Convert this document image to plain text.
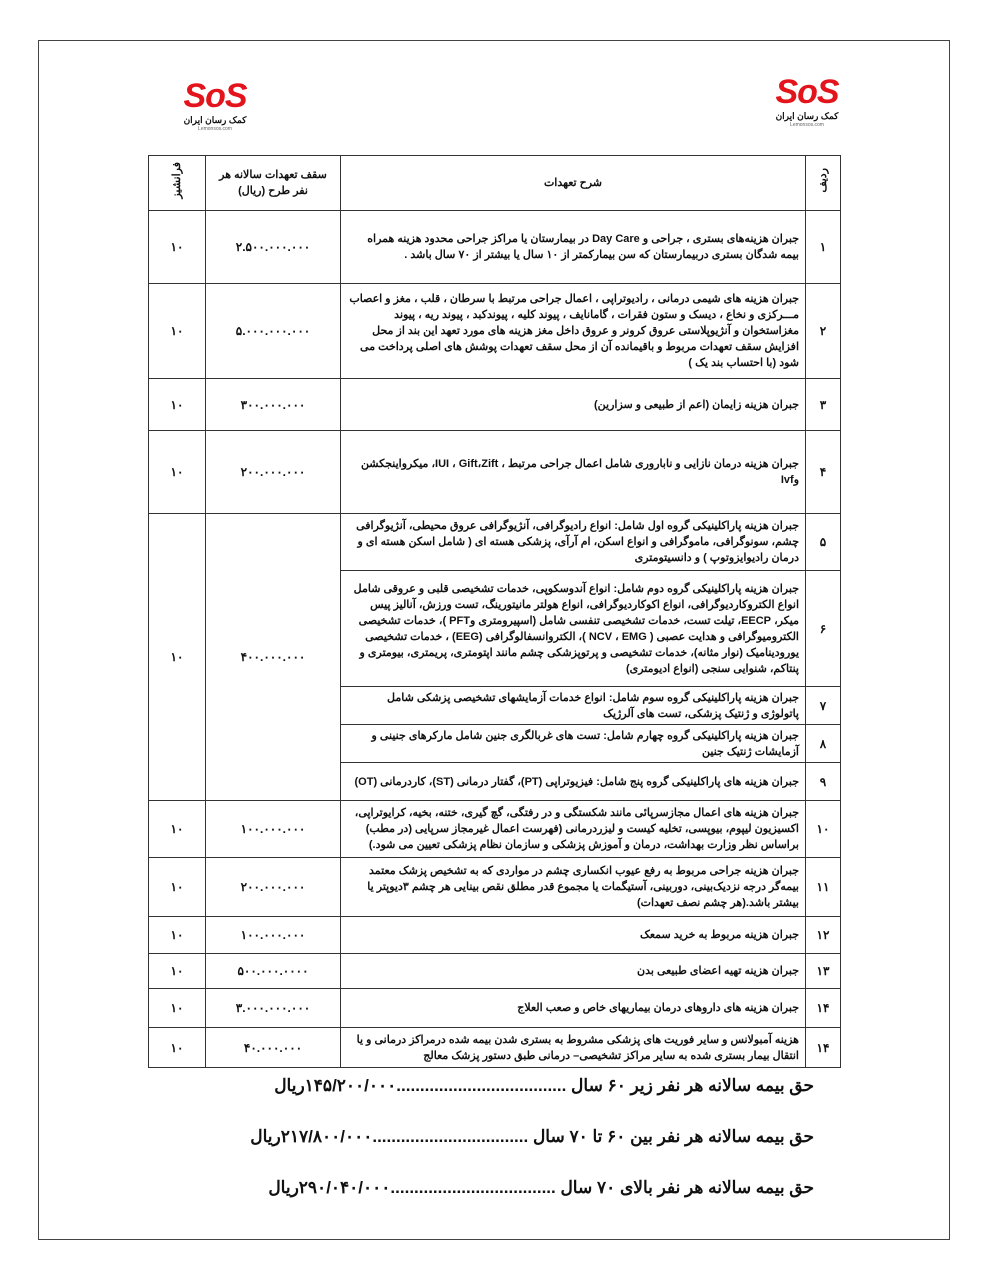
SoS
کمک رسان ایران
Lemonsos.com
SoS
کمک رسان ایران
Lemonsos.com
ردیف	شرح تعهدات	سقف تعهدات سالانه هر نفر طرح (ریال)	فرانشیز
۱	جبران هزینه‌های بستری ، جراحی و Day Care در بیمارستان یا مراکز جراحی محدود هزینه همراه بیمه شدگان بستری دربیمارستان که سن بیمارکمتر از ۱۰ سال یا بیشتر از ۷۰ سال باشد .	۲.۵۰۰.۰۰۰.۰۰۰	۱۰
۲	جبران هزینه های شیمی درمانی ، رادیوتراپی ، اعمال جراحی مرتبط با سرطان ، قلب ، مغز و اعصاب مـــرکزی و نخاع ، دیسک و ستون فقرات ، گامانایف ، پیوند کلیه ، پیوندکبد ، پیوند ریه ، پیوند مغزاستخوان و آنژیوپلاستی عروق کرونر و عروق داخل مغز هزینه های مورد تعهد این بند از محل افزایش سقف تعهدات مربوط و باقیمانده آن از محل سقف تعهدات پوشش های اصلی پرداخت می شود (با احتساب بند یک )	۵.۰۰۰.۰۰۰.۰۰۰	۱۰
۳	جبران هزینه زایمان (اعم از طبیعی و سزارین)	۳۰۰.۰۰۰.۰۰۰	۱۰
۴	جبران هزینه درمان نازایی و ناباروری شامل اعمال جراحی مرتبط ، IUI ، Gift،Zift، میکرواینجکشن وIvf	۲۰۰.۰۰۰.۰۰۰	۱۰
۵	جبران هزینه پاراکلینیکی گروه اول شامل: انواع رادیوگرافی، آنژیوگرافی عروق محیطی، آنژیوگرافی چشم، سونوگرافی، ماموگرافی و انواع اسکن، ام آرآی، پزشکی هسته ای ( شامل اسکن هسته ای و درمان رادیوایزوتوپ ) و دانسیتومتری	۴۰۰.۰۰۰.۰۰۰	۱۰
۶	جبران هزینه پاراکلینیکی گروه دوم شامل: انواع آندوسکوپی، خدمات تشخیصی قلبی و عروقی شامل انواع الکتروکاردیوگرافی، انواع اکوکاردیوگرافی، انواع هولتر مانیتورینگ، تست ورزش، آنالیز پیس میکر، EECP، تیلت تست، خدمات تشخیصی تنفسی شامل (اسپیرومتری وPFT )، خدمات تشخیصی الکترومیوگرافی و هدایت عصبی ( NCV ، EMG )، الکتروانسفالوگرافی (EEG) ، خدمات تشخیصی یورودینامیک (نوار مثانه)، خدمات تشخیصی و پرتوپزشکی چشم مانند اپتومتری، پریمتری، بیومتری و پنتاکم، شنوایی سنجی (انواع ادیومتری)		
۷	جبران هزینه پاراکلینیکی گروه سوم شامل: انواع خدمات آزمایشهای تشخیصی پزشکی شامل پاتولوژی و ژنتیک پزشکی، تست های آلرژیک		
۸	جبران هزینه پاراکلینیکی گروه چهارم شامل: تست های غربالگری جنین شامل مارکرهای جنینی و آزمایشات ژنتیک جنین		
۹	جبران هزینه های پاراکلینیکی گروه پنج شامل: فیزیوتراپی (PT)، گفتار درمانی (ST)، کاردرمانی (OT)		
۱۰	جبران هزینه های اعمال مجازسرپائی مانند شکستگی و در رفتگی، گچ گیری، ختنه، بخیه، کرایوتراپی، اکسیزیون لیپوم، بیوپسی، تخلیه کیست و لیزردرمانی (فهرست اعمال غیرمجاز سرپایی (در مطب) براساس نظر وزارت بهداشت، درمان و آموزش پزشکی و سازمان نظام پزشکی تعیین می شود.)	۱۰۰.۰۰۰.۰۰۰	۱۰
۱۱	جبران هزینه جراحی مربوط به رفع عیوب انکساری چشم در مواردی که به تشخیص پزشک معتمد بیمه‌گر درجه نزدیک‌بینی، دوربینی، آستیگمات یا مجموع قدر مطلق نقص بینایی هر چشم ۳دیوپتر یا بیشتر باشد.(هر چشم نصف تعهدات)	۲۰۰.۰۰۰.۰۰۰	۱۰
۱۲	جبران هزینه مربوط به خرید سمعک	۱۰۰.۰۰۰.۰۰۰	۱۰
۱۳	جبران هزینه تهیه اعضای طبیعی بدن	۵۰۰.۰۰۰.۰۰۰۰	۱۰
۱۴	جبران هزینه های داروهای درمان بیماریهای خاص و صعب العلاج	۳.۰۰۰.۰۰۰.۰۰۰	۱۰
۱۴	هزینه آمبولانس و سایر فوریت های پزشکی مشروط به بستری شدن بیمه شده درمراکز درمانی و یا انتقال بیمار بستری شده به سایر مراکز تشخیصی– درمانی طبق دستور پزشک معالج	۴۰.۰۰۰.۰۰۰	۱۰
حق بیمه سالانه هر نفر زیر ۶۰ سال ....................................۱۴۵/۲۰۰/۰۰۰ریال
حق بیمه سالانه هر نفر بین ۶۰ تا ۷۰ سال .................................۲۱۷/۸۰۰/۰۰۰ریال
حق بیمه سالانه هر نفر بالای ۷۰ سال ...................................۲۹۰/۰۴۰/۰۰۰ریال
